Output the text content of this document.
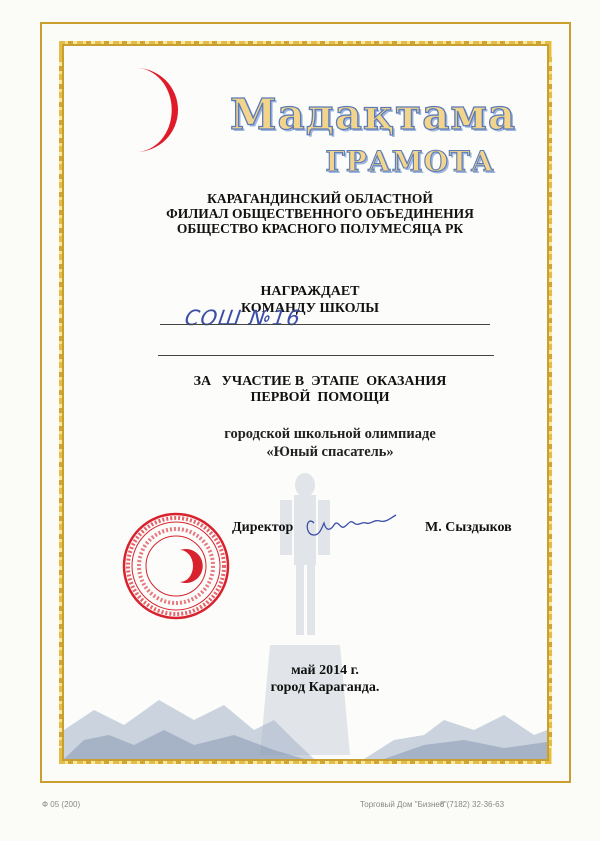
Мадақтама
ГРАМОТА
КАРАГАНДИНСКИЙ ОБЛАСТНОЙ
ФИЛИАЛ ОБЩЕСТВЕННОГО ОБЪЕДИНЕНИЯ
ОБЩЕСТВО КРАСНОГО ПОЛУМЕСЯЦА РК
НАГРАЖДАЕТ
КОМАНДУ ШКОЛЫ
СОШ №16
ЗА   УЧАСТИЕ В  ЭТАПЕ  ОКАЗАНИЯ
ПЕРВОЙ  ПОМОЩИ
городской школьной олимпиаде
«Юный спасатель»
Директор	М. Сыздыков
май 2014 г.
город Караганда.
Ф 05 (200)	Торговый Дом "Бизнес"
8 (7182) 32-36-63
